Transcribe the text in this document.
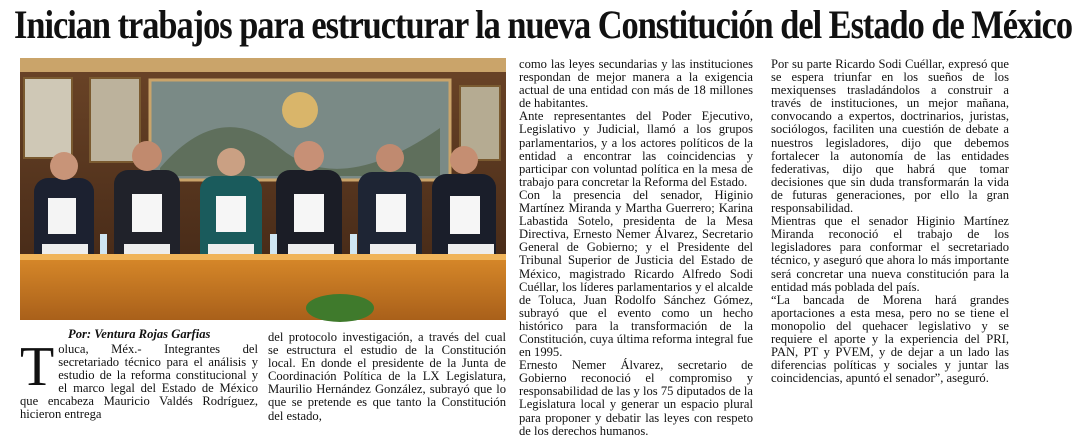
Inician trabajos para estructurar la nueva Constitución del Estado de México
Por: Ventura Rojas Garfias
Toluca, Méx.- Integrantes del secretariado técnico para el análisis y estudio de la reforma constitucional y el marco legal del Estado de México que encabeza Mauricio Valdés Rodríguez, hicieron entrega

del protocolo investigación, a través del cual se estructura el estudio de la Constitución local. En donde el presidente de la Junta de Coordinación Política de la LX Legislatura, Maurilio Hernández González, subrayó que lo que se pretende es que tanto la Constitución del estado,

como las leyes secundarias y las instituciones respondan de mejor manera a la exigencia actual de una entidad con más de 18 millones de habitantes.

Ante representantes del Poder Ejecutivo, Legislativo y Judicial, llamó a los grupos parlamentarios, y a los actores políticos de la entidad a encontrar las coincidencias y participar con voluntad política en la mesa de trabajo para concretar la Reforma del Estado.

Con la presencia del senador, Higinio Martínez Miranda y Martha Guerrero; Karina Labastida Sotelo, presidenta de la Mesa Directiva, Ernesto Nemer Álvarez, Secretario General de Gobierno; y el Presidente del Tribunal Superior de Justicia del Estado de México, magistrado Ricardo Alfredo Sodi Cuéllar, los líderes parlamentarios y el alcalde de Toluca, Juan Rodolfo Sánchez Gómez, subrayó que el evento como un hecho histórico para la transformación de la Constitución, cuya última reforma integral fue en 1995.

Ernesto Nemer Álvarez, secretario de Gobierno reconoció el compromiso y responsabilidad de las y los 75 diputados de la Legislatura local y generar un espacio plural para proponer y debatir las leyes con respeto de los derechos humanos.

Por su parte Ricardo Sodi Cuéllar, expresó que se espera triunfar en los sueños de los mexiquenses trasladándolos a construir a través de instituciones, un mejor mañana, convocando a expertos, doctrinarios, juristas, sociólogos, faciliten una cuestión de debate a nuestros legisladores, dijo que debemos fortalecer la autonomía de las entidades federativas, dijo que habrá que tomar decisiones que sin duda transformarán la vida de futuras generaciones, por ello la gran responsabilidad.

Mientras que el senador Higinio Martínez Miranda reconoció el trabajo de los legisladores para conformar el secretariado técnico, y aseguró que ahora lo más importante será concretar una nueva constitución para la entidad más poblada del país.

“La bancada de Morena hará grandes aportaciones a esta mesa, pero no se tiene el monopolio del quehacer legislativo y se requiere el aporte y la experiencia del PRI, PAN, PT y PVEM, y de dejar a un lado las diferencias políticas y sociales y juntar las coincidencias, apuntó el senador”, aseguró.
